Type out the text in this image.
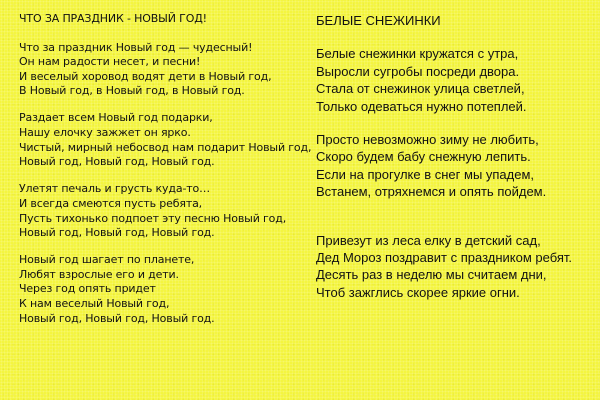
ЧТО ЗА ПРАЗДНИК - НОВЫЙ ГОД!
Что за праздник Новый год — чудесный!
Он нам радости несет, и песни!
И веселый хоровод водят дети в Новый год,
В Новый год, в Новый год, в Новый год.
Раздает всем Новый год подарки,
Нашу елочку зажжет он ярко.
Чистый, мирный небосвод нам подарит Новый год,
Новый год, Новый год, Новый год.
Улетят печаль и грусть куда-то…
И всегда смеются пусть ребята,
Пусть тихонько подпоет эту песню Новый год,
Новый год, Новый год, Новый год.
Новый год шагает по планете,
Любят взрослые его и дети.
Через год опять придет
К нам веселый Новый год,
Новый год, Новый год, Новый год.
БЕЛЫЕ СНЕЖИНКИ
Белые снежинки кружатся с утра,
Выросли сугробы посреди двора.
Стала от снежинок улица светлей,
Только одеваться нужно потеплей.
Просто невозможно зиму не любить,
Скоро будем бабу снежную лепить.
Если на прогулке в снег мы упадем,
Встанем, отряхнемся и опять пойдем.
Привезут из леса елку в детский сад,
Дед Мороз поздравит с праздником ребят.
Десять раз в неделю мы считаем дни,
Чтоб зажглись скорее яркие огни.
